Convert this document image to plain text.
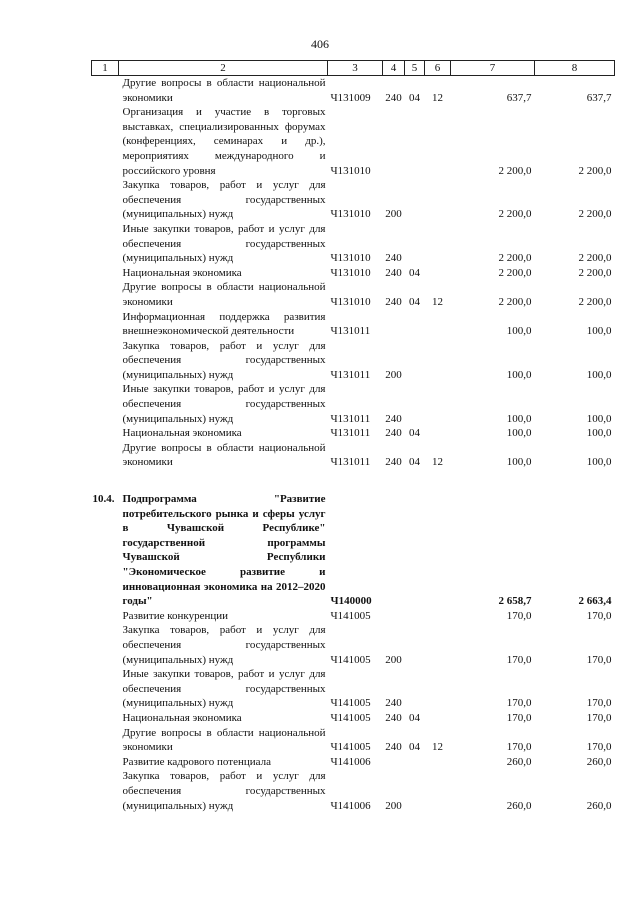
406
1	2	3	4	5	6	7	8
	Другие вопросы в области национальной экономики	Ч131009	240	04	12	637,7	637,7
	Организация и участие в торговых выставках, специализированных форумах (конференциях, семинарах и др.), мероприятиях международного и российского уровня	Ч131010				2 200,0	2 200,0
	Закупка товаров, работ и услуг для обеспечения государственных (муниципальных) нужд	Ч131010	200			2 200,0	2 200,0
	Иные закупки товаров, работ и услуг для обеспечения государственных (муниципальных) нужд	Ч131010	240			2 200,0	2 200,0
	Национальная экономика	Ч131010	240	04		2 200,0	2 200,0
	Другие вопросы в области национальной экономики	Ч131010	240	04	12	2 200,0	2 200,0
	Информационная поддержка развития внешнеэкономической деятельности	Ч131011				100,0	100,0
	Закупка товаров, работ и услуг для обеспечения государственных (муниципальных) нужд	Ч131011	200			100,0	100,0
	Иные закупки товаров, работ и услуг для обеспечения государственных (муниципальных) нужд	Ч131011	240			100,0	100,0
	Национальная экономика	Ч131011	240	04		100,0	100,0
	Другие вопросы в области национальной экономики	Ч131011	240	04	12	100,0	100,0

10.4.	Подпрограмма "Развитие потребительского рынка и сферы услуг в Чувашской Республике" государственной программы Чувашской Республики "Экономическое развитие и инновационная экономика на 2012–2020 годы"	Ч140000				2 658,7	2 663,4
	Развитие конкуренции	Ч141005				170,0	170,0
	Закупка товаров, работ и услуг для обеспечения государственных (муниципальных) нужд	Ч141005	200			170,0	170,0
	Иные закупки товаров, работ и услуг для обеспечения государственных (муниципальных) нужд	Ч141005	240			170,0	170,0
	Национальная экономика	Ч141005	240	04		170,0	170,0
	Другие вопросы в области национальной экономики	Ч141005	240	04	12	170,0	170,0
	Развитие кадрового потенциала	Ч141006				260,0	260,0
	Закупка товаров, работ и услуг для обеспечения государственных (муниципальных) нужд	Ч141006	200			260,0	260,0
